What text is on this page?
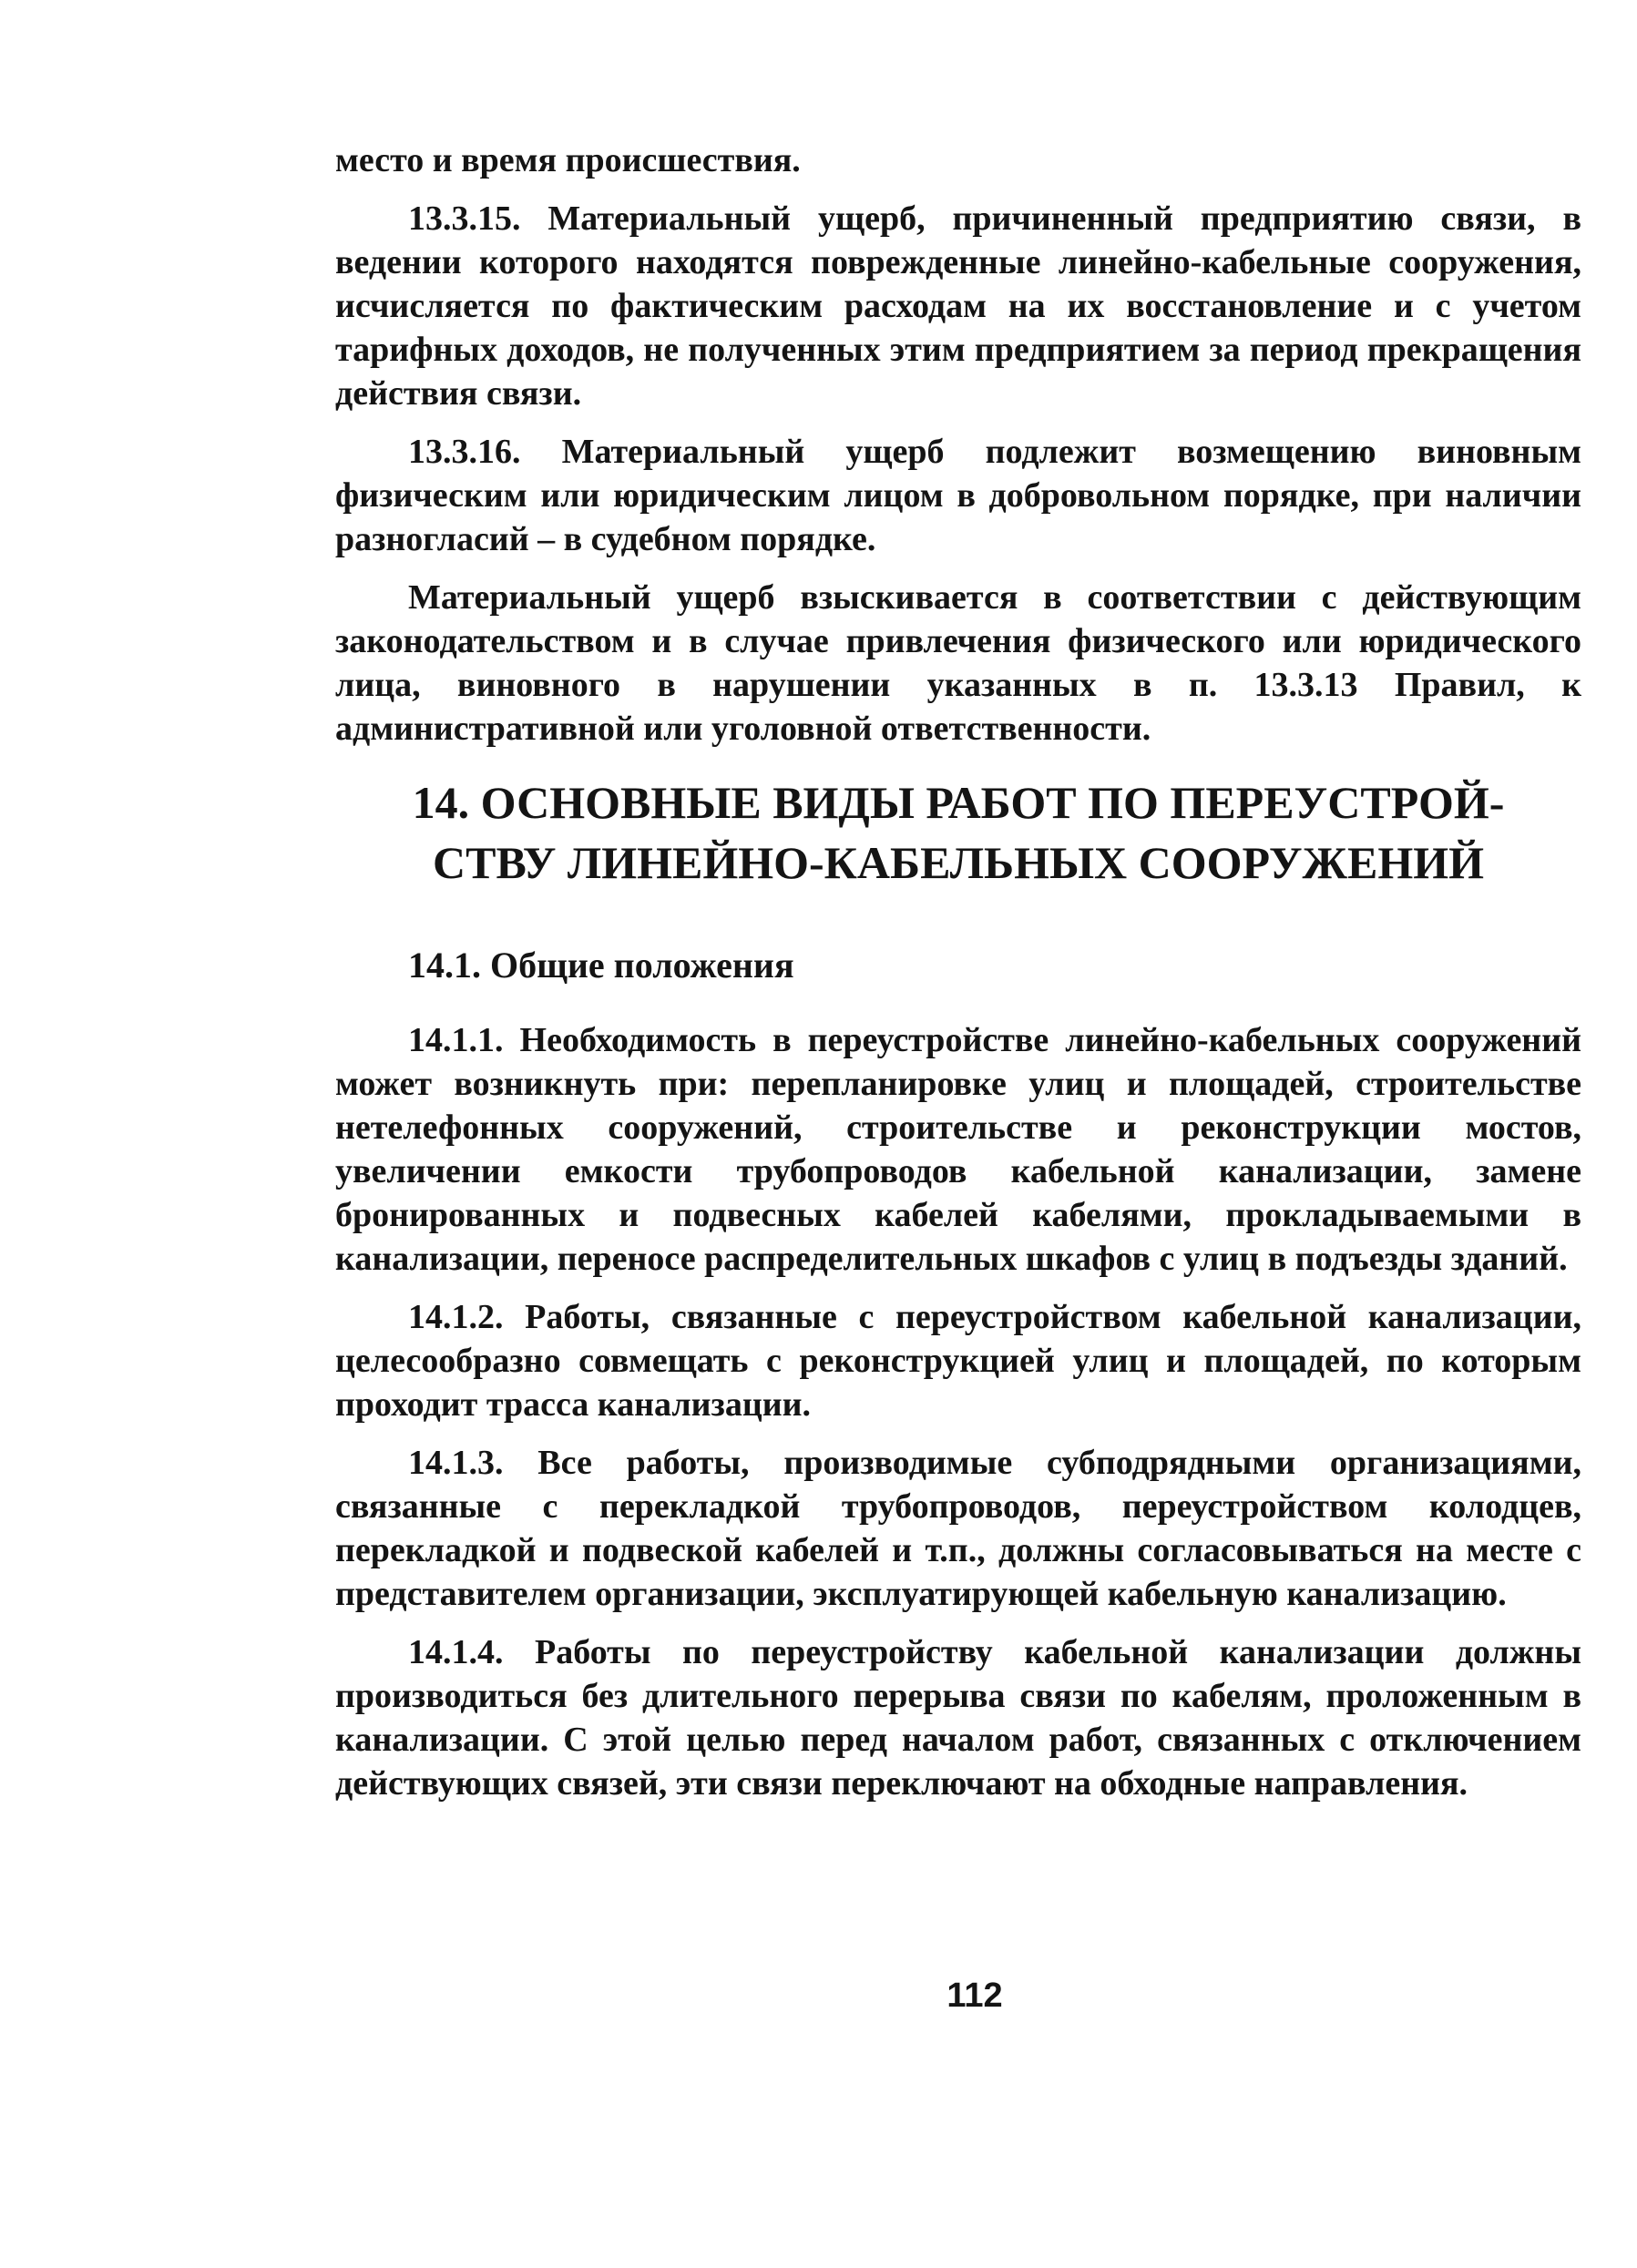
место и время происшествия.

13.3.15. Материальный ущерб, причиненный предприятию связи, в ведении которого находятся поврежденные линейно-кабельные сооружения, исчисляется по фактическим расходам на их восстановление и с учетом тарифных доходов, не полученных этим предприятием за период прекращения действия связи.

13.3.16. Материальный ущерб подлежит возмещению виновным физическим или юридическим лицом в добровольном порядке, при наличии разногласий – в судебном порядке.

Материальный ущерб взыскивается в соответствии с действующим законодательством и в случае привлечения физического или юридического лица, виновного в нарушении указанных в п. 13.3.13 Правил, к административной или уголовной ответственности.

14. ОСНОВНЫЕ ВИДЫ РАБОТ ПО ПЕРЕУСТРОЙ-
СТВУ ЛИНЕЙНО-КАБЕЛЬНЫХ СООРУЖЕНИЙ
14.1. Общие положения

14.1.1. Необходимость в переустройстве линейно-кабельных сооружений может возникнуть при: перепланировке улиц и площадей, строительстве нетелефонных сооружений, строительстве и реконструкции мостов, увеличении емкости трубопроводов кабельной канализации, замене бронированных и подвесных кабелей кабелями, прокладываемыми в канализации, переносе распределительных шкафов с улиц в подъезды зданий.

14.1.2. Работы, связанные с переустройством кабельной канализации, целесообразно совмещать с реконструкцией улиц и площадей, по которым проходит трасса канализации.

14.1.3. Все работы, производимые субподрядными организациями, связанные с перекладкой трубопроводов, переустройством колодцев, перекладкой и подвеской кабелей и т.п., должны согласовываться на месте с представителем организации, эксплуатирующей кабельную канализацию.

14.1.4. Работы по переустройству кабельной канализации должны производиться без длительного перерыва связи по кабелям, проложенным в канализации. С этой целью перед началом работ, связанных с отключением действующих связей, эти связи переключают на обходные направления.

112
